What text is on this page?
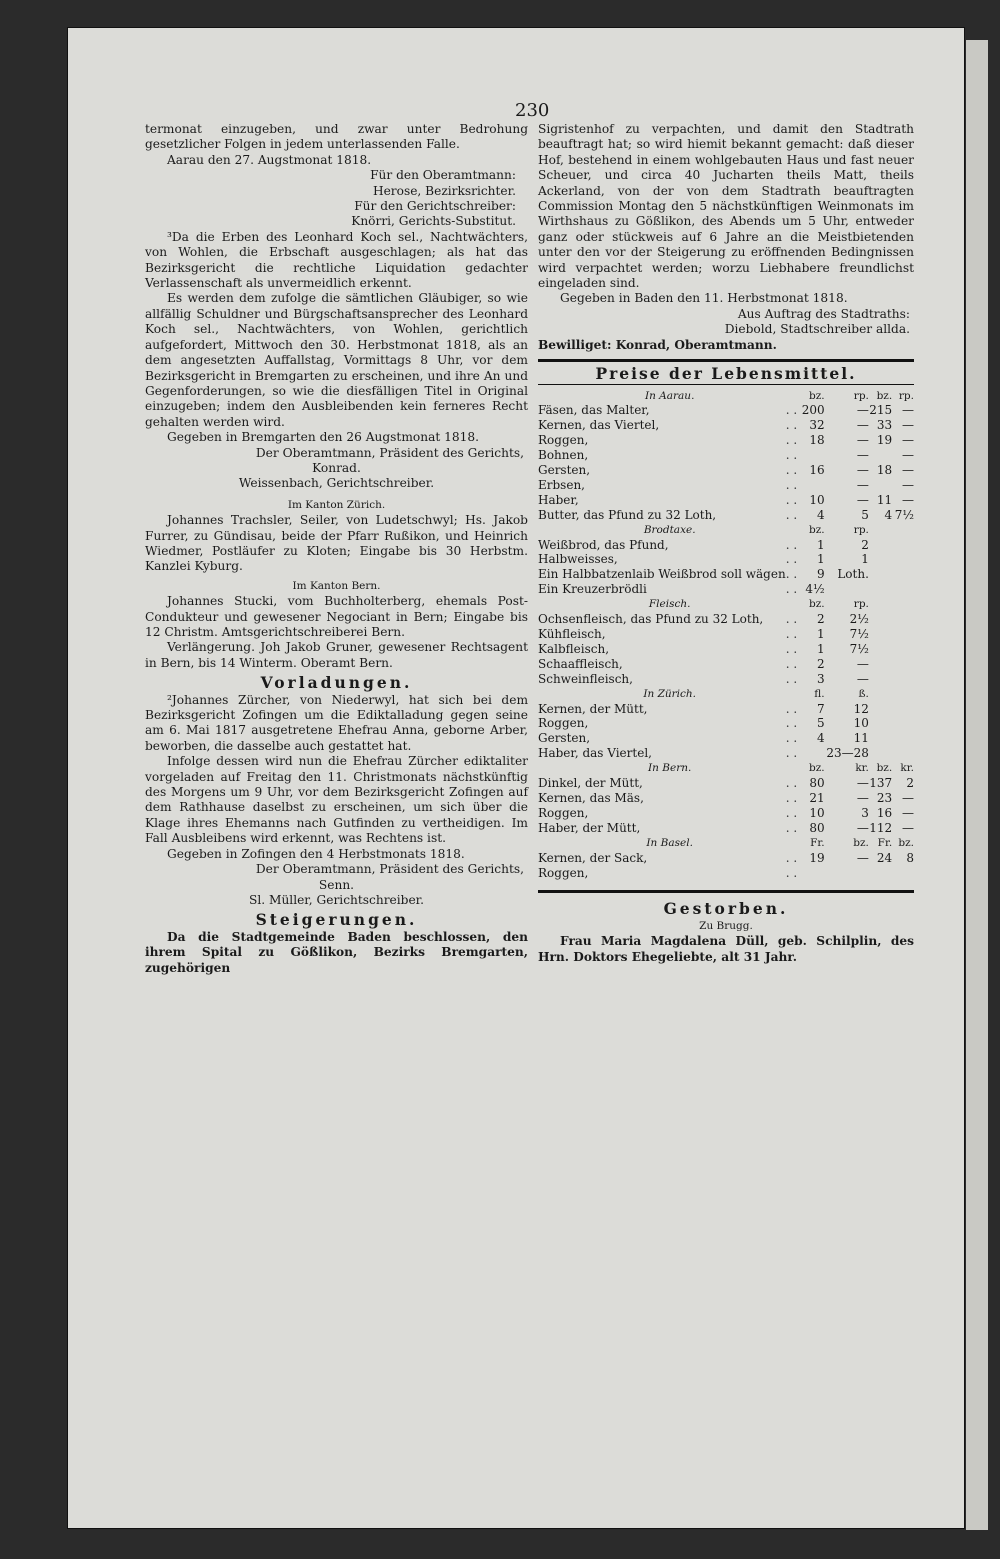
230

termonat einzugeben, und zwar unter Bedrohung gesetzlicher Folgen in jedem unterlassenden Falle.

Aarau den 27. Augstmonat 1818.

Für den Oberamtmann:

Herose, Bezirksrichter.

Für den Gerichtschreiber:

Knörri, Gerichts-Substitut.

³Da die Erben des Leonhard Koch sel., Nachtwächters, von Wohlen, die Erbschaft ausgeschlagen; als hat das Bezirksgericht die rechtliche Liquidation gedachter Verlassenschaft als unvermeidlich erkennt.

Es werden dem zufolge die sämtlichen Gläubiger, so wie allfällig Schuldner und Bürgschaftsansprecher des Leonhard Koch sel., Nachtwächters, von Wohlen, gerichtlich aufgefordert, Mittwoch den 30. Herbstmonat 1818, als an dem angesetzten Auffallstag, Vormittags 8 Uhr, vor dem Bezirksgericht in Bremgarten zu erscheinen, und ihre An und Gegenforderungen, so wie die diesfälligen Titel in Original einzugeben; indem den Ausbleibenden kein ferneres Recht gehalten werden wird.

Gegeben in Bremgarten den 26 Augstmonat 1818.

Der Oberamtmann, Präsident des Gerichts,

Konrad.

Weissenbach, Gerichtschreiber.

Im Kanton Zürich.

Johannes Trachsler, Seiler, von Ludetschwyl; Hs. Jakob Furrer, zu Gündisau, beide der Pfarr Rußikon, und Heinrich Wiedmer, Postläufer zu Kloten; Eingabe bis 30 Herbstm. Kanzlei Kyburg.

Im Kanton Bern.

Johannes Stucki, vom Buchholterberg, ehemals Post-Condukteur und gewesener Negociant in Bern; Eingabe bis 12 Christm. Amtsgerichtschreiberei Bern.

Verlängerung. Joh Jakob Gruner, gewesener Rechtsagent in Bern, bis 14 Winterm. Oberamt Bern.

Vorladungen.

²Johannes Zürcher, von Niederwyl, hat sich bei dem Bezirksgericht Zofingen um die Ediktalladung gegen seine am 6. Mai 1817 ausgetretene Ehefrau Anna, geborne Arber, beworben, die dasselbe auch gestattet hat.

Infolge dessen wird nun die Ehefrau Zürcher ediktaliter vorgeladen auf Freitag den 11. Christmonats nächstkünftig des Morgens um 9 Uhr, vor dem Bezirksgericht Zofingen auf dem Rathhause daselbst zu erscheinen, um sich über die Klage ihres Ehemanns nach Gutfinden zu vertheidigen. Im Fall Ausbleibens wird erkennt, was Rechtens ist.

Gegeben in Zofingen den 4 Herbstmonats 1818.

Der Oberamtmann, Präsident des Gerichts,

Senn.

Sl. Müller, Gerichtschreiber.

Steigerungen.

Da die Stadtgemeinde Baden beschlossen, den ihrem Spital zu Gößlikon, Bezirks Bremgarten, zugehörigen

Sigristenhof zu verpachten, und damit den Stadtrath beauftragt hat; so wird hiemit bekannt gemacht: daß dieser Hof, bestehend in einem wohlgebauten Haus und fast neuer Scheuer, und circa 40 Jucharten theils Matt, theils Ackerland, von der von dem Stadtrath beauftragten Commission Montag den 5 nächstkünftigen Weinmonats im Wirthshaus zu Gößlikon, des Abends um 5 Uhr, entweder ganz oder stückweis auf 6 Jahre an die Meistbietenden unter den vor der Steigerung zu eröffnenden Bedingnissen wird verpachtet werden; worzu Liebhabere freundlichst eingeladen sind.

Gegeben in Baden den 11. Herbstmonat 1818.

Aus Auftrag des Stadtraths:

Diebold, Stadtschreiber allda.

Bewilliget: Konrad, Oberamtmann.

Preise der Lebensmittel.

In Aarau.		bz.		rp.	bz.		rp.
Fäsen, das Malter,	. .	200		—	215		—
Kernen, das Viertel,	. .	32		—	33		—
Roggen,	. .	18		—	19		—
Bohnen,	. .			—			—
Gersten,	. .	16		—	18		—
Erbsen,	. .			—			—
Haber,	. .	10		—	11		—
Butter, das Pfund zu 32 Loth,	. .	4		5	4		7½
Brodtaxe.		bz.		rp.			
Weißbrod, das Pfund,	. .	1		2			
Halbweisses,	. .	1		1			
Ein Halbbatzenlaib Weißbrod soll wägen	. .	9		Loth.			
Ein Kreuzerbrödli	. .	4½					
Fleisch.		bz.		rp.			
Ochsenfleisch, das Pfund zu 32 Loth,	. .	2		2½			
Kühfleisch,	. .	1		7½			
Kalbfleisch,	. .	1		7½			
Schaaffleisch,	. .	2		—			
Schweinfleisch,	. .	3		—			
In Zürich.		fl.		ß.			
Kernen, der Mütt,	. .	7		12			
Roggen,	. .	5		10			
Gersten,	. .	4		11			
Haber, das Viertel,	. .			23—28			
In Bern.		bz.		kr.	bz.		kr.
Dinkel, der Mütt,	. .	80		—	137		2
Kernen, das Mäs,	. .	21		—	23		—
Roggen,	. .	10		3	16		—
Haber, der Mütt,	. .	80		—	112		—
In Basel.		Fr.		bz.	Fr.		bz.
Kernen, der Sack,	. .	19		—	24		8
Roggen,	. .						

Gestorben.

Zu Brugg.

Frau Maria Magdalena Düll, geb. Schilplin, des Hrn. Doktors Ehegeliebte, alt 31 Jahr.
